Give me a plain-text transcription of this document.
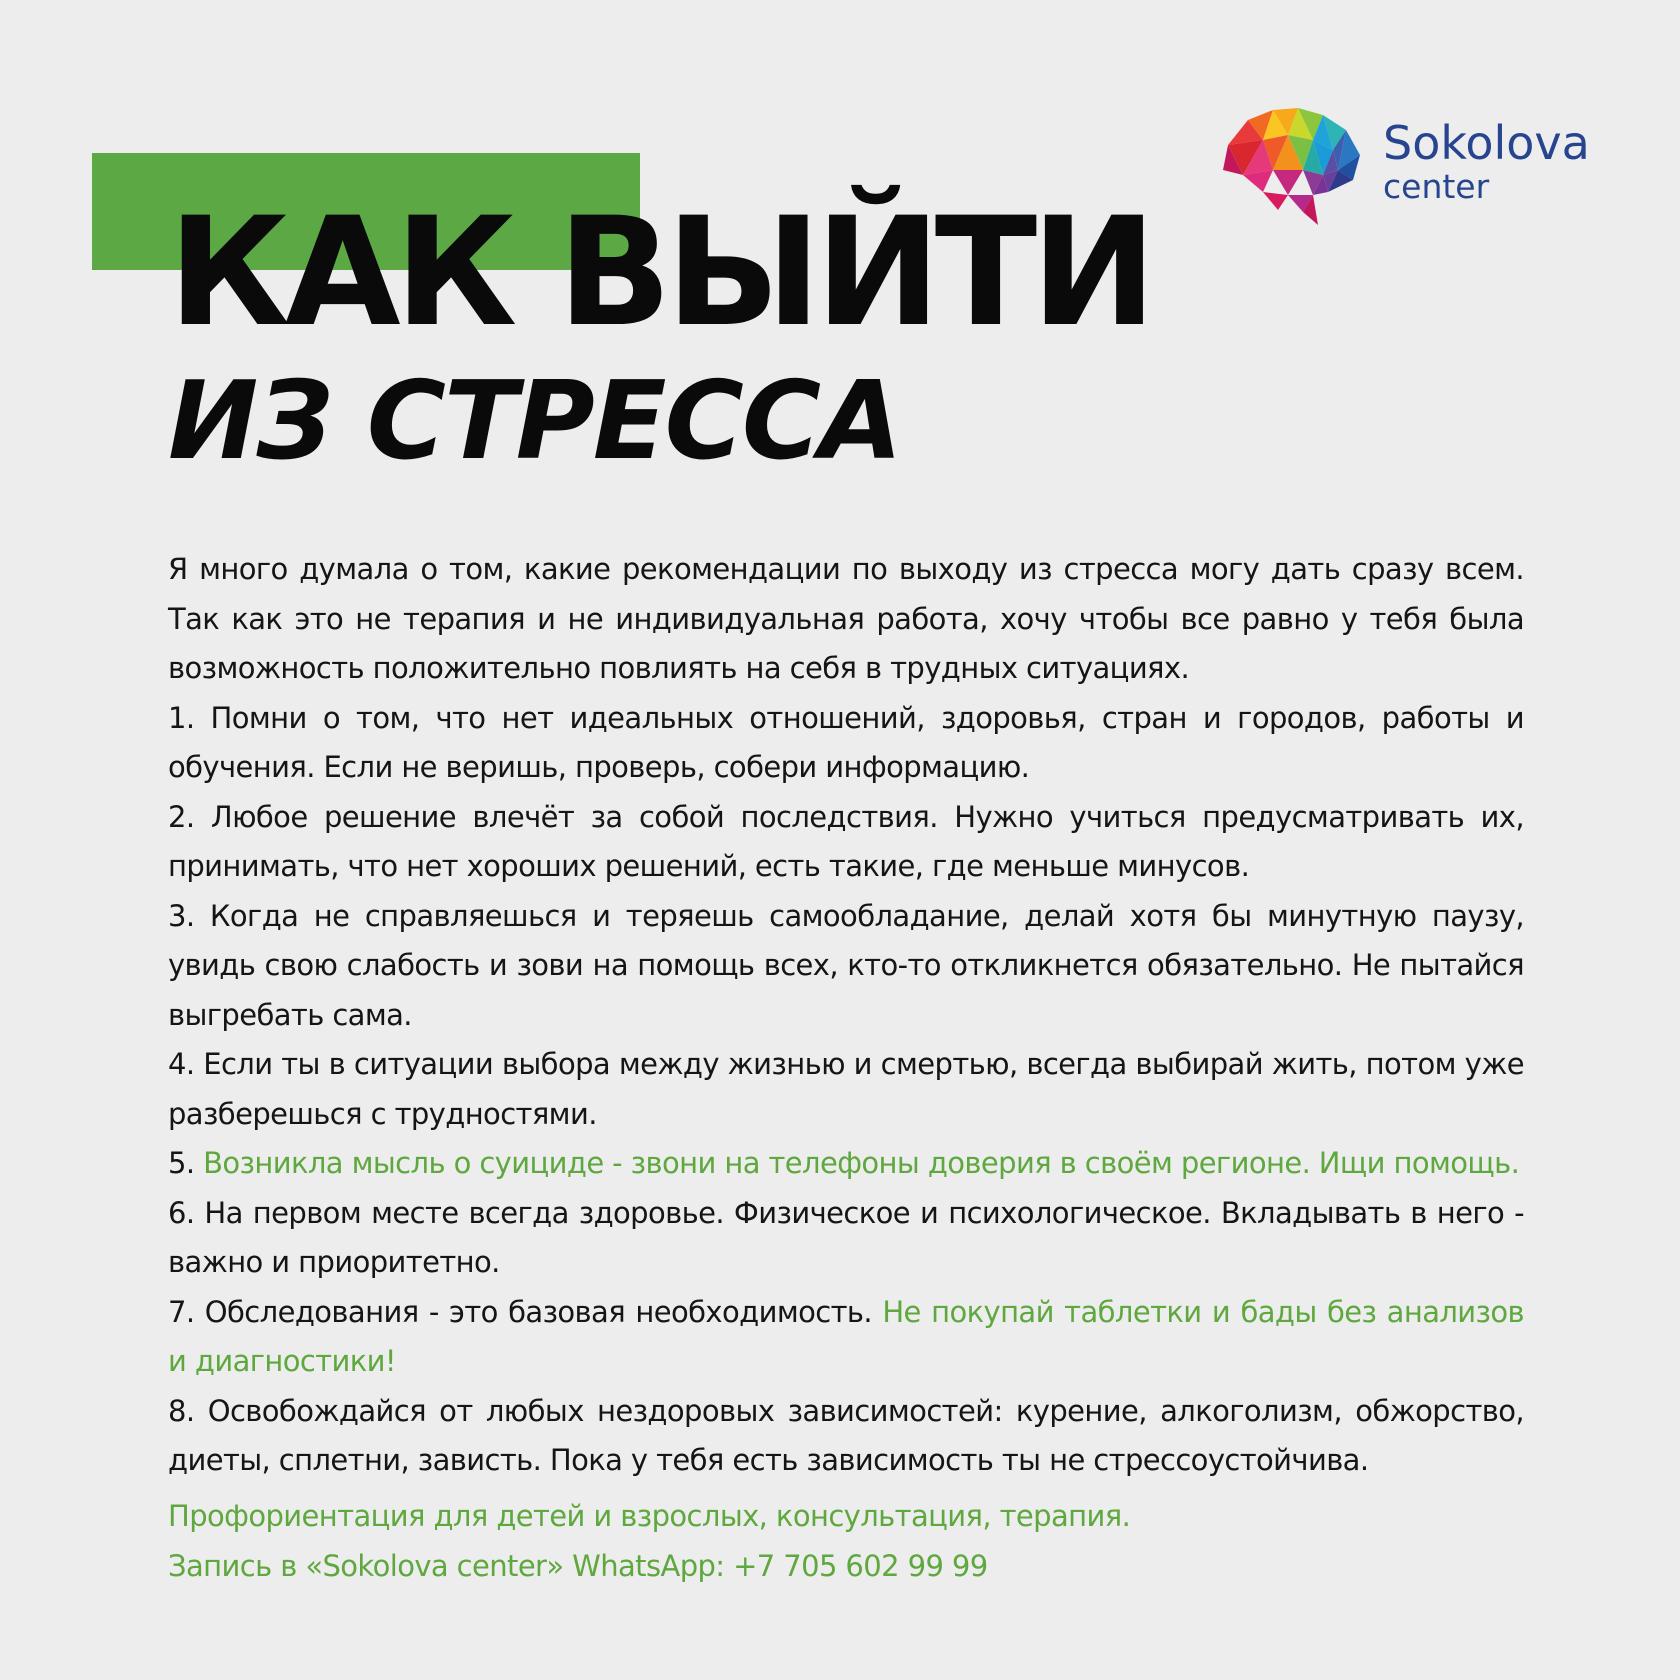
КАК ВЫЙТИ
ИЗ СТРЕССА
Sokolova
center

Я много думала о том, какие рекомендации по выходу из стресса могу дать сразу всем. Так как это не терапия и не индивидуальная работа, хочу чтобы все равно у тебя была возможность положительно повлиять на себя в трудных ситуациях.

1. Помни о том, что нет идеальных отношений, здоровья, стран и городов, работы и обучения. Если не веришь, проверь, собери информацию.

2. Любое решение влечёт за собой последствия. Нужно учиться предусматривать их, принимать, что нет хороших решений, есть такие, где меньше минусов.

3. Когда не справляешься и теряешь самообладание, делай хотя бы минутную паузу, увидь свою слабость и зови на помощь всех, кто-то откликнется обязательно. Не пытайся выгребать сама.

4. Если ты в ситуации выбора между жизнью и смертью, всегда выбирай жить, потом уже разберешься с трудностями.

5. Возникла мысль о суициде - звони на телефоны доверия в своём регионе. Ищи помощь.

6. На первом месте всегда здоровье. Физическое и психологическое. Вкладывать в него - важно и приоритетно.

7. Обследования - это базовая необходимость. Не покупай таблетки и бады без анализов и диагностики!

8. Освобождайся от любых нездоровых зависимостей: курение, алкоголизм, обжорство, диеты, сплетни, зависть. Пока у тебя есть зависимость ты не стрессоустойчива.

Профориентация для детей и взрослых, консультация, терапия.

Запись в «Sokolova center» WhatsApp: +7 705 602 99 99
